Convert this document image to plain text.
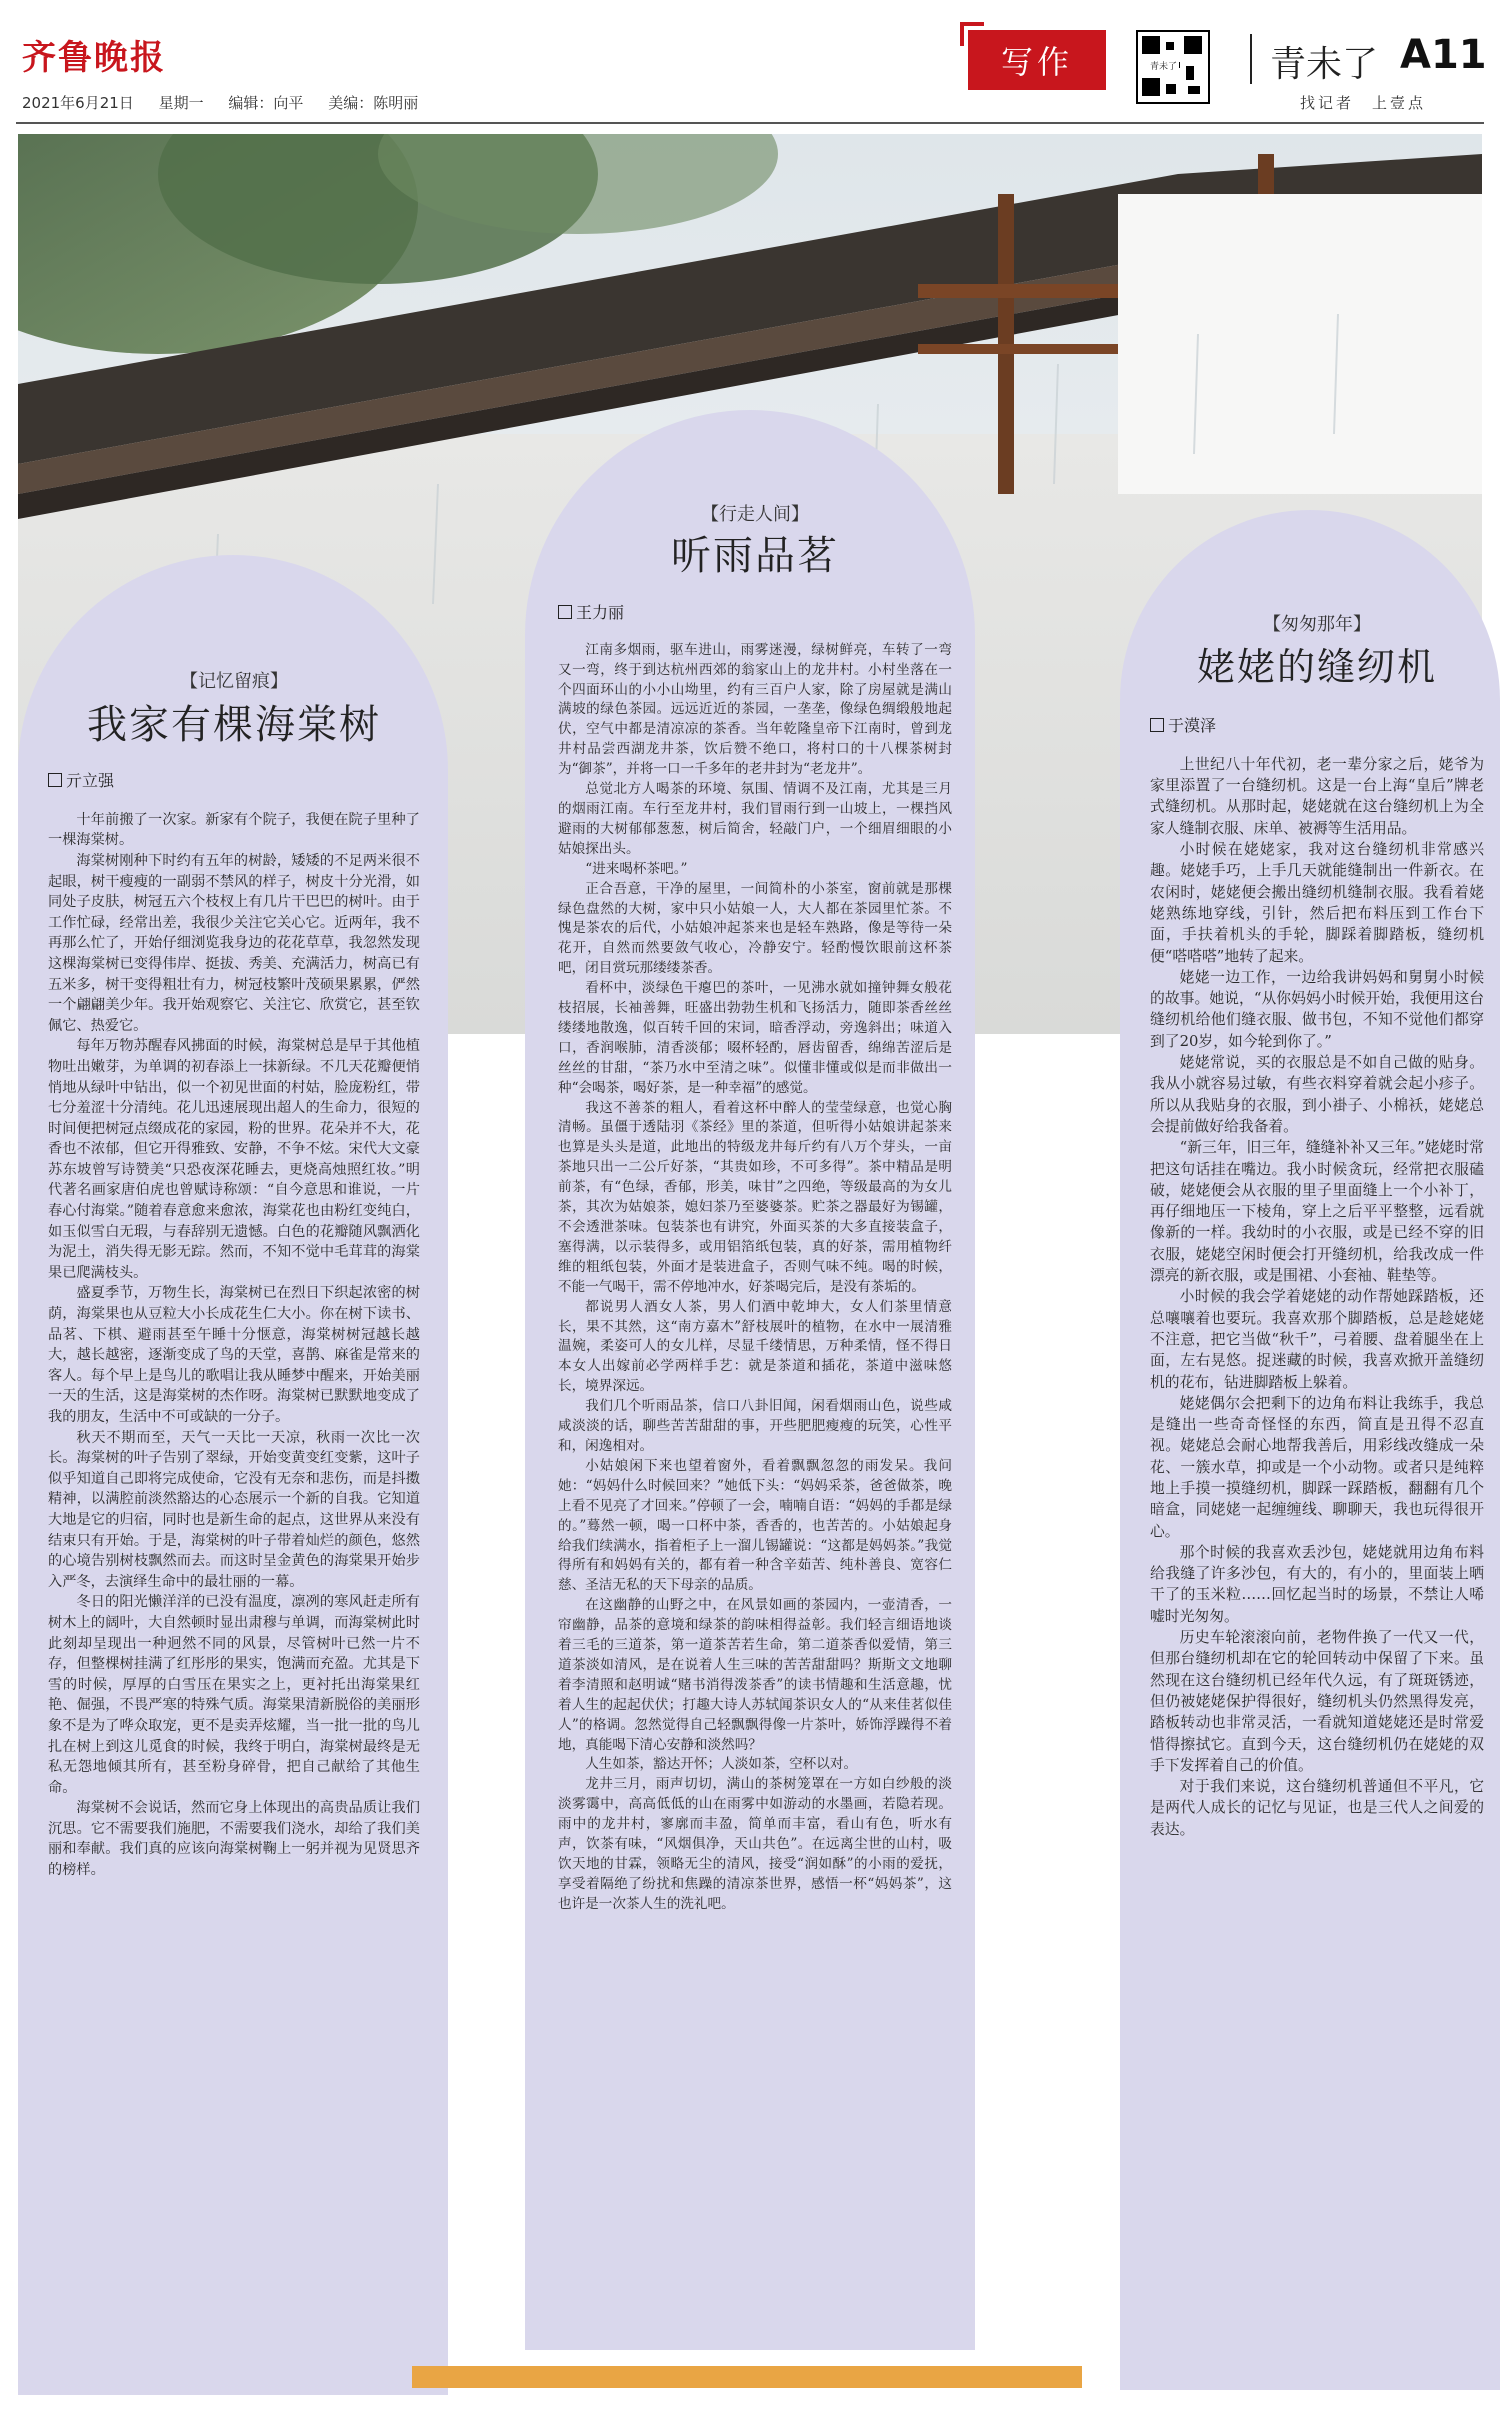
齐鲁晚报
2021年6月21日 星期一 编辑：向平 美编：陈明丽
写作	青未了	青未了 A11
找记者　上壹点
【记忆留痕】
我家有棵海棠树
亓立强

十年前搬了一次家。新家有个院子，我便在院子里种了一棵海棠树。

海棠树刚种下时约有五年的树龄，矮矮的不足两米很不起眼，树干瘦瘦的一副弱不禁风的样子，树皮十分光滑，如同处子皮肤，树冠五六个枝杈上有几片干巴巴的树叶。由于工作忙碌，经常出差，我很少关注它关心它。近两年，我不再那么忙了，开始仔细浏览我身边的花花草草，我忽然发现这棵海棠树已变得伟岸、挺拔、秀美、充满活力，树高已有五米多，树干变得粗壮有力，树冠枝繁叶茂硕果累累，俨然一个翩翩美少年。我开始观察它、关注它、欣赏它，甚至钦佩它、热爱它。

每年万物苏醒春风拂面的时候，海棠树总是早于其他植物吐出嫩芽，为单调的初春添上一抹新绿。不几天花瓣便悄悄地从绿叶中钻出，似一个初见世面的村姑，脸庞粉红，带七分羞涩十分清纯。花儿迅速展现出超人的生命力，很短的时间便把树冠点缀成花的家园，粉的世界。花朵并不大，花香也不浓郁，但它开得雅致、安静，不争不炫。宋代大文豪苏东坡曾写诗赞美“只恐夜深花睡去，更烧高烛照红妆。”明代著名画家唐伯虎也曾赋诗称颂：“自今意思和谁说，一片春心付海棠。”随着春意愈来愈浓，海棠花也由粉红变纯白，如玉似雪白无瑕，与春辞别无遗憾。白色的花瓣随风飘洒化为泥土，消失得无影无踪。然而，不知不觉中毛茸茸的海棠果已爬满枝头。

盛夏季节，万物生长，海棠树已在烈日下织起浓密的树荫，海棠果也从豆粒大小长成花生仁大小。你在树下读书、品茗、下棋、避雨甚至午睡十分惬意，海棠树树冠越长越大，越长越密，逐渐变成了鸟的天堂，喜鹊、麻雀是常来的客人。每个早上是鸟儿的歌唱让我从睡梦中醒来，开始美丽一天的生活，这是海棠树的杰作呀。海棠树已默默地变成了我的朋友，生活中不可或缺的一分子。

秋天不期而至，天气一天比一天凉，秋雨一次比一次长。海棠树的叶子告别了翠绿，开始变黄变红变紫，这叶子似乎知道自己即将完成使命，它没有无奈和悲伤，而是抖擞精神，以满腔前淡然豁达的心态展示一个新的自我。它知道大地是它的归宿，同时也是新生命的起点，这世界从来没有结束只有开始。于是，海棠树的叶子带着灿烂的颜色，悠然的心境告别树枝飘然而去。而这时呈金黄色的海棠果开始步入严冬，去演绎生命中的最壮丽的一幕。

冬日的阳光懒洋洋的已没有温度，凛冽的寒风赶走所有树木上的阔叶，大自然顿时显出肃穆与单调，而海棠树此时此刻却呈现出一种迥然不同的风景，尽管树叶已然一片不存，但整棵树挂满了红彤彤的果实，饱满而充盈。尤其是下雪的时候，厚厚的白雪压在果实之上，更衬托出海棠果红艳、倔强，不畏严寒的特殊气质。海棠果清新脱俗的美丽形象不是为了哗众取宠，更不是卖弄炫耀，当一批一批的鸟儿扎在树上到这儿觅食的时候，我终于明白，海棠树最终是无私无怨地倾其所有，甚至粉身碎骨，把自己献给了其他生命。

海棠树不会说话，然而它身上体现出的高贵品质让我们沉思。它不需要我们施肥，不需要我们浇水，却给了我们美丽和奉献。我们真的应该向海棠树鞠上一躬并视为见贤思齐的榜样。

【行走人间】
听雨品茗
王力丽

江南多烟雨，驱车进山，雨雾迷漫，绿树鲜亮，车转了一弯又一弯，终于到达杭州西郊的翁家山上的龙井村。小村坐落在一个四面环山的小小山坳里，约有三百户人家，除了房屋就是满山满坡的绿色茶园。远远近近的茶园，一垄垄，像绿色绸缎般地起伏，空气中都是清凉凉的茶香。当年乾隆皇帝下江南时，曾到龙井村品尝西湖龙井茶，饮后赞不绝口，将村口的十八棵茶树封为“御茶”，并将一口一千多年的老井封为“老龙井”。

总觉北方人喝茶的环境、氛围、情调不及江南，尤其是三月的烟雨江南。车行至龙井村，我们冒雨行到一山坡上，一棵挡风避雨的大树郁郁葱葱，树后简舍，轻敲门户，一个细眉细眼的小姑娘探出头。

“进来喝杯茶吧。”

正合吾意，干净的屋里，一间简朴的小茶室，窗前就是那棵绿色盘然的大树，家中只小姑娘一人，大人都在茶园里忙茶。不愧是茶农的后代，小姑娘冲起茶来也是轻车熟路，像是等待一朵花开，自然而然要敛气收心，冷静安宁。轻酌慢饮眼前这杯茶吧，闭目赏玩那缕缕茶香。

看杯中，淡绿色干瘪巴的茶叶，一见沸水就如撞钟舞女般花枝招展，长袖善舞，旺盛出勃勃生机和飞扬活力，随即茶香丝丝缕缕地散逸，似百转千回的宋词，暗香浮动，旁逸斜出；味道入口，香润喉肺，清香淡郁；啜杯轻酌，唇齿留香，绵绵苦涩后是丝丝的甘甜，“茶乃水中至清之味”。似懂非懂或似是而非做出一种“会喝茶，喝好茶，是一种幸福”的感觉。

我这不善茶的粗人，看着这杯中醉人的莹莹绿意，也觉心胸清畅。虽僵于透陆羽《茶经》里的茶道，但听得小姑娘讲起茶来也算是头头是道，此地出的特级龙井每斤约有八万个芽头，一亩茶地只出一二公斤好茶，“其贵如珍，不可多得”。茶中精品是明前茶，有“色绿，香郁，形美，味甘”之四绝，等级最高的为女儿茶，其次为姑娘茶，媳妇茶乃至婆婆茶。贮茶之器最好为锡罐，不会透泄茶味。包装茶也有讲究，外面买茶的大多直接装盒子，塞得满，以示装得多，或用铝箔纸包装，真的好茶，需用植物纤维的粗纸包装，外面才是装进盒子，否则气味不纯。喝的时候，不能一气喝干，需不停地冲水，好茶喝完后，是没有茶垢的。

都说男人酒女人茶，男人们酒中乾坤大，女人们茶里情意长，果不其然，这“南方嘉木”舒枝展叶的植物，在水中一展清雅温婉，柔姿可人的女儿样，尽显千缕情思，万种柔情，怪不得日本女人出嫁前必学两样手艺：就是茶道和插花，茶道中滋味悠长，境界深远。

我们几个听雨品茶，信口八卦旧闻，闲看烟雨山色，说些咸咸淡淡的话，聊些苦苦甜甜的事，开些肥肥瘦瘦的玩笑，心性平和，闲逸相对。

小姑娘闲下来也望着窗外，看着飘飘忽忽的雨发呆。我问她：“妈妈什么时候回来？”她低下头：“妈妈采茶，爸爸做茶，晚上看不见亮了才回来。”停顿了一会，喃喃自语：“妈妈的手都是绿的。”蓦然一顿，喝一口杯中茶，香香的，也苦苦的。小姑娘起身给我们续满水，指着柜子上一溜儿锡罐说：“这都是妈妈茶。”我觉得所有和妈妈有关的，都有着一种含辛茹苦、纯朴善良、宽容仁慈、圣洁无私的天下母亲的品质。

在这幽静的山野之中，在风景如画的茶园内，一壶清香，一帘幽静，品茶的意境和绿茶的韵味相得益彰。我们轻言细语地谈着三毛的三道茶，第一道茶苦若生命，第二道茶香似爱情，第三道茶淡如清风，是在说着人生三味的苦苦甜甜吗？斯斯文文地聊着李清照和赵明诚“赌书消得泼茶香”的读书情趣和生活意趣，忧着人生的起起伏伏；打趣大诗人苏轼闻茶识女人的“从来佳茗似佳人”的格调。忽然觉得自己轻飘飘得像一片茶叶，娇饰浮躁得不着地，真能喝下清心安静和淡然吗？

人生如茶，豁达开怀；人淡如茶，空杯以对。

龙井三月，雨声切切，满山的茶树笼罩在一方如白纱般的淡淡雾霭中，高高低低的山在雨雾中如游动的水墨画，若隐若现。雨中的龙井村，寥廓而丰盈，简单而丰富，看山有色，听水有声，饮茶有味，“风烟俱净，天山共色”。在远离尘世的山村，吸饮天地的甘霖，领略无尘的清风，接受“润如酥”的小雨的爱抚，享受着隔绝了纷扰和焦躁的清凉茶世界，感悟一杯“妈妈茶”，这也许是一次茶人生的洗礼吧。

【匆匆那年】
姥姥的缝纫机
于漠泽

上世纪八十年代初，老一辈分家之后，姥爷为家里添置了一台缝纫机。这是一台上海“皇后”牌老式缝纫机。从那时起，姥姥就在这台缝纫机上为全家人缝制衣服、床单、被褥等生活用品。

小时候在姥姥家，我对这台缝纫机非常感兴趣。姥姥手巧，上手几天就能缝制出一件新衣。在农闲时，姥姥便会搬出缝纫机缝制衣服。我看着姥姥熟练地穿线，引针，然后把布料压到工作台下面，手扶着机头的手轮，脚踩着脚踏板，缝纫机便“嗒嗒嗒”地转了起来。

姥姥一边工作，一边给我讲妈妈和舅舅小时候的故事。她说，“从你妈妈小时候开始，我便用这台缝纫机给他们缝衣服、做书包，不知不觉他们都穿到了20岁，如今轮到你了。”

姥姥常说，买的衣服总是不如自己做的贴身。我从小就容易过敏，有些衣料穿着就会起小疹子。所以从我贴身的衣服，到小褂子、小棉袄，姥姥总会提前做好给我备着。

“新三年，旧三年，缝缝补补又三年。”姥姥时常把这句话挂在嘴边。我小时候贪玩，经常把衣服磕破，姥姥便会从衣服的里子里面缝上一个小补丁，再仔细地压一下棱角，穿上之后平平整整，远看就像新的一样。我幼时的小衣服，或是已经不穿的旧衣服，姥姥空闲时便会打开缝纫机，给我改成一件漂亮的新衣服，或是围裙、小套袖、鞋垫等。

小时候的我会学着姥姥的动作帮她踩踏板，还总嚷嚷着也要玩。我喜欢那个脚踏板，总是趁姥姥不注意，把它当做“秋千”，弓着腰、盘着腿坐在上面，左右晃悠。捉迷藏的时候，我喜欢掀开盖缝纫机的花布，钻进脚踏板上躲着。

姥姥偶尔会把剩下的边角布料让我练手，我总是缝出一些奇奇怪怪的东西，简直是丑得不忍直视。姥姥总会耐心地帮我善后，用彩线改缝成一朵花、一簇水草，抑或是一个小动物。或者只是纯粹地上手摸一摸缝纫机，脚踩一踩踏板，翻翻有几个暗盒，同姥姥一起缠缠线、聊聊天，我也玩得很开心。

那个时候的我喜欢丢沙包，姥姥就用边角布料给我缝了许多沙包，有大的，有小的，里面装上晒干了的玉米粒……回忆起当时的场景，不禁让人唏嘘时光匆匆。

历史车轮滚滚向前，老物件换了一代又一代，但那台缝纫机却在它的轮回转动中保留了下来。虽然现在这台缝纫机已经年代久远，有了斑斑锈迹，但仍被姥姥保护得很好，缝纫机头仍然黑得发亮，踏板转动也非常灵活，一看就知道姥姥还是时常爱惜得擦拭它。直到今天，这台缝纫机仍在姥姥的双手下发挥着自己的价值。

对于我们来说，这台缝纫机普通但不平凡，它是两代人成长的记忆与见证，也是三代人之间爱的表达。
